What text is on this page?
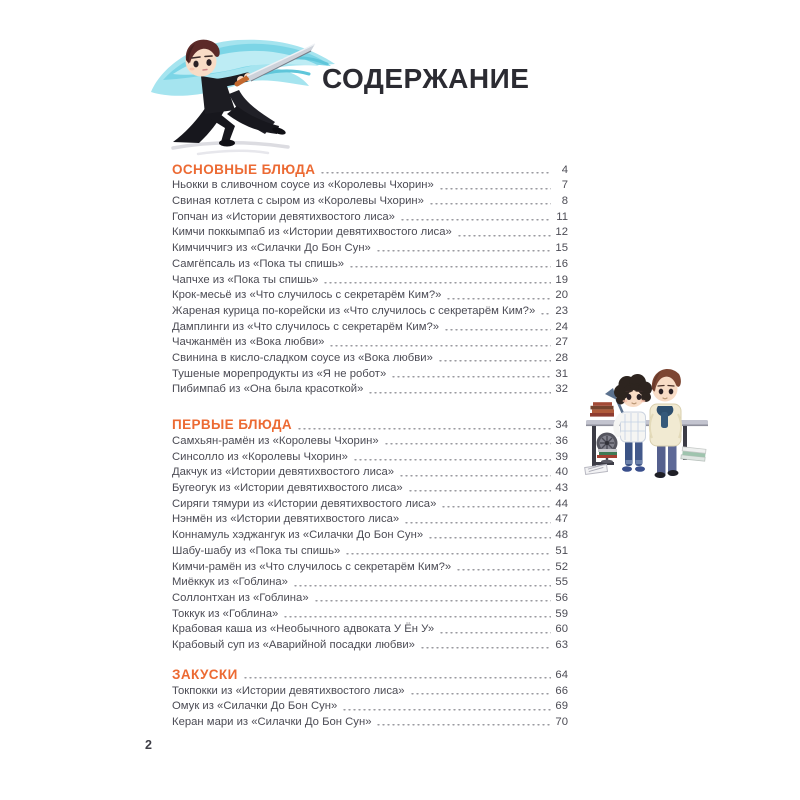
СОДЕРЖАНИЕ
ОСНОВНЫЕ БЛЮДА	4
Ньокки в сливочном соусе из «Королевы Чхорин»	7
Свиная котлета с сыром из «Королевы Чхорин»	8
Гопчан из «Истории девятихвостого лиса»	11
Кимчи поккымпаб из «Истории девятихвостого лиса»	12
Кимчиччигэ из «Силачки До Бон Сун»	15
Самгёпсаль из «Пока ты спишь»	16
Чапчхе из «Пока ты спишь»	19
Крок-месьё из «Что случилось с секретарём Ким?»	20
Жареная курица по-корейски из «Что случилось с секретарём Ким?» 23
Дамплинги из «Что случилось с секретарём Ким?»	24
Чачжанмён из «Вока любви»	27
Свинина в кисло-сладком соусе из «Вока любви»	28
Тушеные морепродукты из «Я не робот»	31
Пибимпаб из «Она была красоткой»	32
ПЕРВЫЕ БЛЮДА	34
Самхьян-рамён из «Королевы Чхорин»	36
Синсолло из «Королевы Чхорин»	39
Дакчук из «Истории девятихвостого лиса»	40
Бугеогук из «Истории девятихвостого лиса»	43
Сиряги тямури из «Истории девятихвостого лиса»	44
Нэнмён из «Истории девятихвостого лиса»	47
Коннамуль хэджангук из «Силачки До Бон Сун»	48
Шабу-шабу из «Пока ты спишь»	51
Кимчи-рамён из «Что случилось с секретарём Ким?»	52
Миёккук из «Гоблина»	55
Соллонтхан из «Гоблина»	56
Токкук из «Гоблина»	59
Крабовая каша из «Необычного адвоката У Ён У»	60
Крабовый суп из «Аварийной посадки любви»	63
ЗАКУСКИ	64
Токпокки из «Истории девятихвостого лиса»	66
Омук из «Силачки До Бон Сун»	69
Керан мари из «Силачки До Бон Сун»	70
2
